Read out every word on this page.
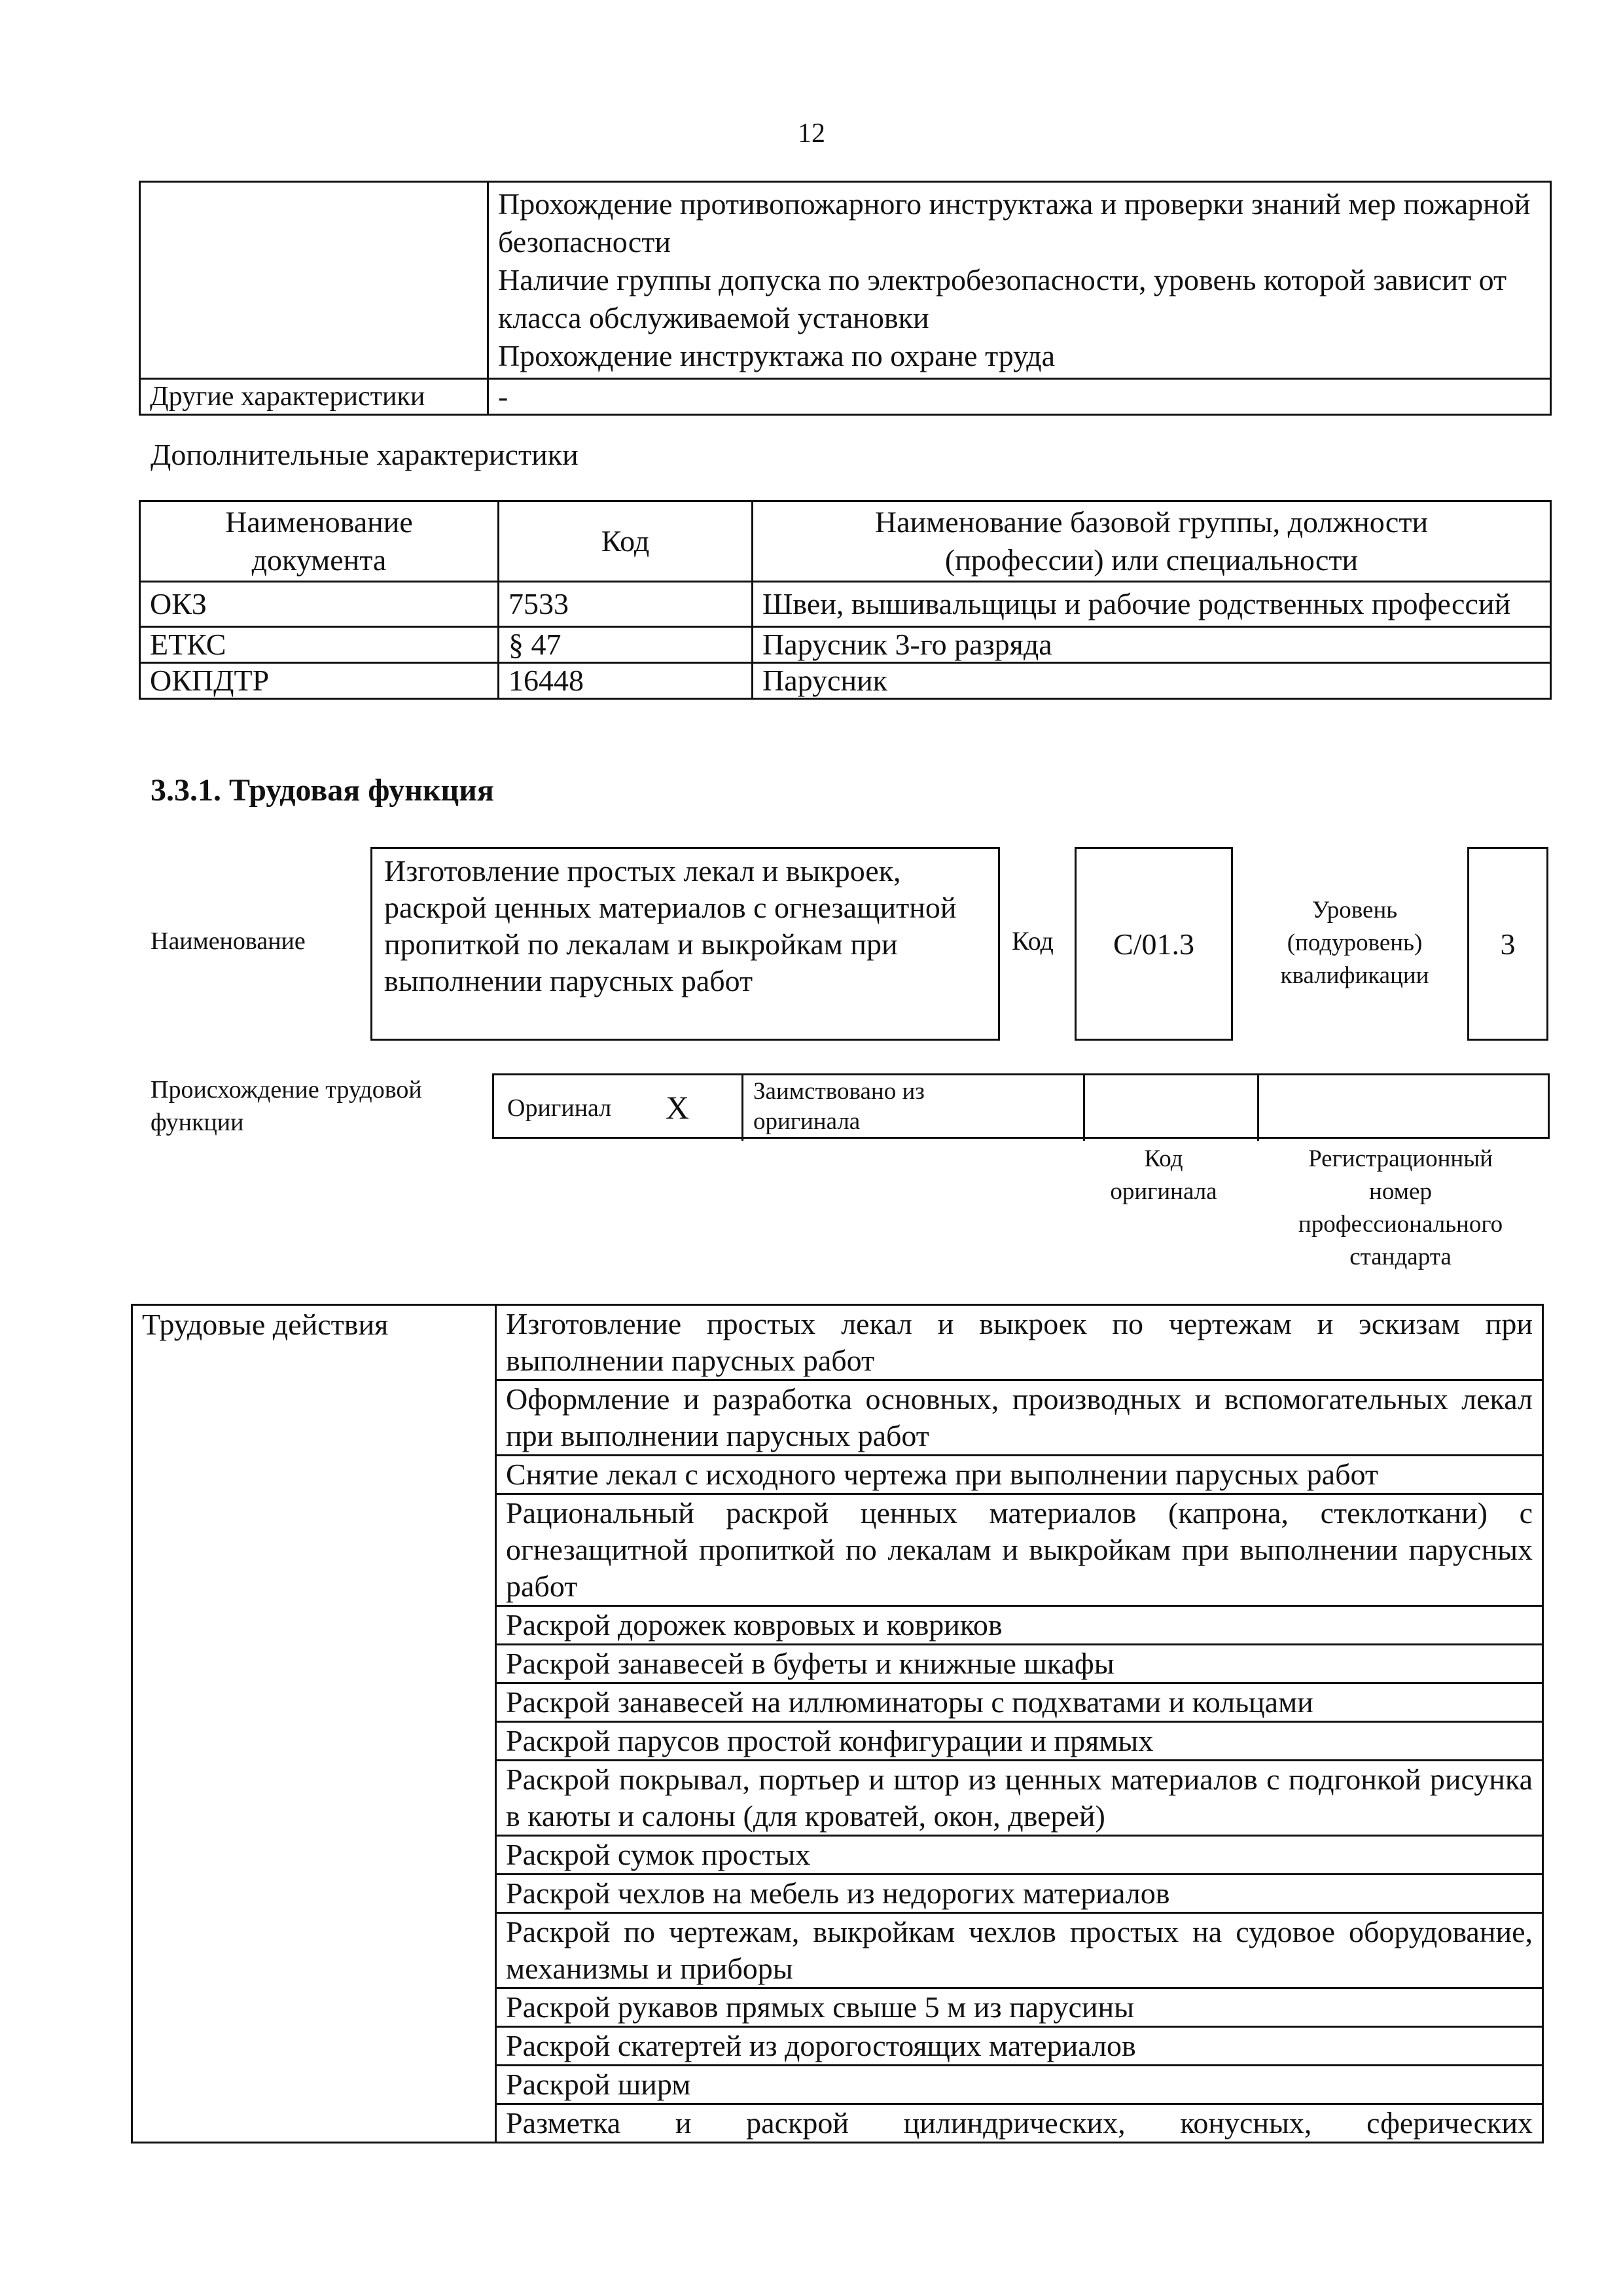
12

	Прохождение противопожарного инструктажа и проверки знаний мер пожарной безопасности
Наличие группы допуска по электробезопасности, уровень которой зависит от класса обслуживаемой установки
Прохождение инструктажа по охране труда

Другие характеристики	-
Дополнительные характеристики
Наименование документа	Код	Наименование базовой группы, должности (профессии) или специальности
ОКЗ	7533	Швеи, вышивальщицы и рабочие родственных профессий
ЕТКС	§ 47	Парусник 3-го разряда
ОКПДТР	16448	Парусник
3.3.1. Трудовая функция
Наименование
Изготовление простых лекал и выкроек, раскрой ценных материалов с огнезащитной пропиткой по лекалам и выкройкам при выполнении парусных работ
Код C/01.3
Уровень (подуровень) квалификации
3
Происхождение трудовой функции
Оригинал X	Заимствовано из оригинала
Код оригинала
Регистрационный номер профессионального стандарта
Трудовые действия	Изготовление простых лекал и выкроек по чертежам и эскизам при выполнении парусных работ
Оформление и разработка основных, производных и вспомогательных лекал при выполнении парусных работ
Снятие лекал с исходного чертежа при выполнении парусных работ
Рациональный раскрой ценных материалов (капрона, стеклоткани) с огнезащитной пропиткой по лекалам и выкройкам при выполнении парусных работ
Раскрой дорожек ковровых и ковриков
Раскрой занавесей в буфеты и книжные шкафы
Раскрой занавесей на иллюминаторы с подхватами и кольцами
Раскрой парусов простой конфигурации и прямых
Раскрой покрывал, портьер и штор из ценных материалов с подгонкой рисунка в каюты и салоны (для кроватей, окон, дверей)
Раскрой сумок простых
Раскрой чехлов на мебель из недорогих материалов
Раскрой по чертежам, выкройкам чехлов простых на судовое оборудование, механизмы и приборы
Раскрой рукавов прямых свыше 5 м из парусины
Раскрой скатертей из дорогостоящих материалов
Раскрой ширм
Разметка и раскрой цилиндрических, конусных, сферических
